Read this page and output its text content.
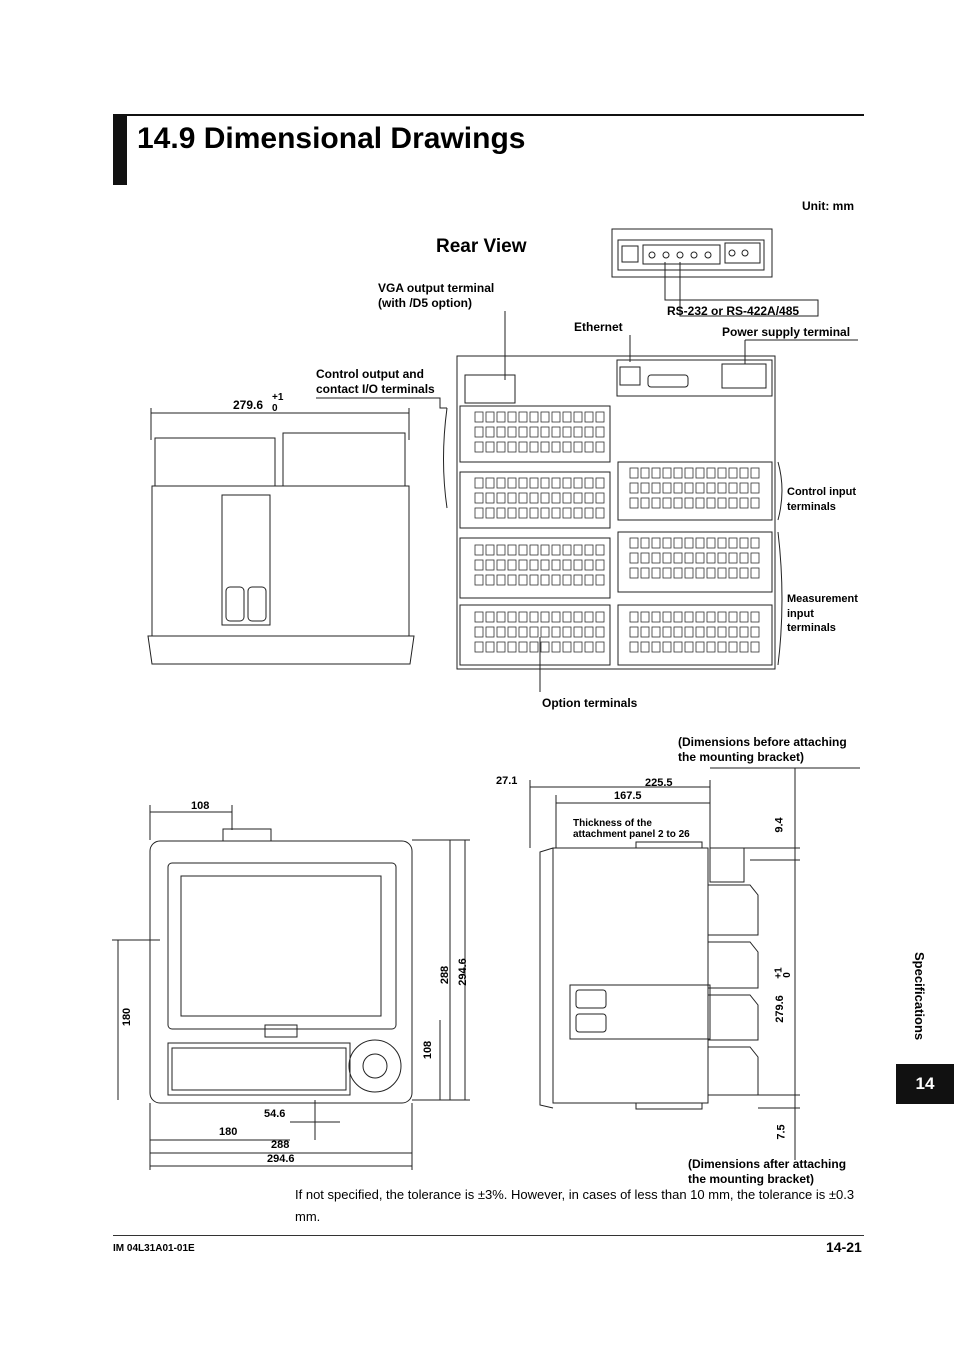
14.9 Dimensional Drawings
Unit: mm
Rear View
VGA output terminal
(with /D5 option)
RS-232 or RS-422A/485
Ethernet	Power supply terminal
Control output and
contact I/O terminals
Control input
terminals
Measurement
input
terminals
Option terminals
279.6
+1
0
108
180
288 294.6
108
54.6
180
288
294.6
(Dimensions before attaching
the mounting bracket)
27.1	225.5
167.5
Thickness of the
attachment panel 2 to 26
9.4
279.6
+1
0
7.5
(Dimensions after attaching
the mounting bracket)
If not specified, the tolerance is ±3%. However, in cases of less than 10 mm, the tolerance is ±0.3 mm.
IM 04L31A01-01E	14-21
Specifications
14
